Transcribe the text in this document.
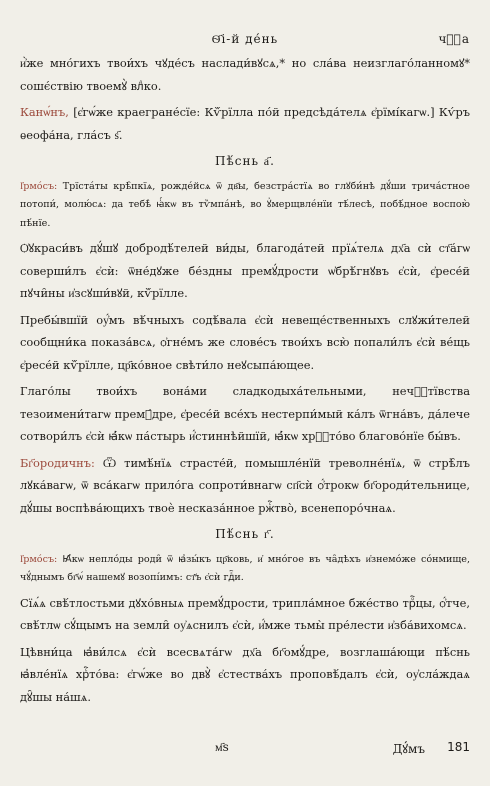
Ѳ҃і-й де́нь	чⷭ҇а

и҆̀же мно́гихъ твои́хъ чꙋде́съ наслади́вꙋсѧ,* но сла́ва неизглаго́ланномꙋ* сошє́ствію твоемꙋ̀ влⷣко.

Канѡ́нъ, [є҆гѡ́же краегране́сїе: Кѷ́рїлла по́й предсѣда́телѧ є҆рїмі́кагѡ.] Кѵ́ръ ѳеофа́на, гла́съ ѕ҃.

Пѣ́снь а҃.

І҆рмо́съ: Трїста́ты крѣ̑пкїѧ, рожде́йсѧ ѿ дв҃ы, безстра́стїѧ во глꙋби́нѣ дꙋ́ши трича́стное потопи́, молю́сѧ: да тебѣ̀ ꙗ҆́кѡ въ тѷмпа́нѣ, во ꙋ҆мерщвле́нїи тѣ́лесѣ, побѣ́дное воспою̀ пѣ́нїе.

Ѻ҆ꙋкраси́въ дꙋ́шꙋ добродѣ́телей ви́ды, благода́тей прїѧ́телѧ дх҃а сѝ ст҃а́гѡ соверши́лъ є҆сѝ: ѿне́дꙋже бе́здны премꙋ́дрости ѡ҆брѣ́гнꙋвъ є҆сѝ, є҆ресе́й пꙋчи̑ны и҆зсꙋши́вꙋй, кѷ́рїлле.

Пребы́вшїй оу҆́мъ вѣ́чныхъ содѣ́вала є҆сѝ невеще́ственныхъ слꙋжи́телей сообщни́ка показа́всѧ, ѻ҆гне́мъ же слове́съ твои́хъ всю̀ попали́лъ є҆сѝ ве́щь є҆ресе́й кѷ́рїлле, цр҃ко́вное свѣти́ло неꙋсыпа́ющее.

Глаго́лы твои́хъ вона́ми сладкодыха́тельными, нечⷭ҇тївства тезоимени́тагѡ премꙋ́дре, є҆ресе́й все́хъ нестерпи́мый ка́лъ ѿгна́въ, да́лече сотвори́лъ є҆сѝ ꙗ҆́кѡ па́стырь и҆́стиннѣйшїй, ꙗ҆́кѡ хрⷭ҇то́во благово́нїе бы́въ.

Бг҃ородичнъ: Ѿ тимѣ́нїѧ страсте́й, помышле́нїй треволне́нїѧ, ѿ стрѣ̑лъ лꙋка́вагѡ, ѿ вса́кагѡ прило́га сопроти́внагѡ сп҃сѝ ѻ҆́трокѡ бг҃ороди́тельнице, дꙋ́шы воспѣва́ющихъ твоѐ несказа́нное ржⷭ҇тво̀, всенепоро́чнаѧ.

Пѣ́снь г҃.

І҆рмо́съ: Ꙗ҆́кѡ непло́ды роди̑ ѿ ꙗ҆зы́къ цр҃ковь, и҆ мно́гое въ ча̑дѣхъ и҆знемо́же со́нмище, чꙋ́днымъ бг҃ѡ́ нашемꙋ возопі́имъ: ст҃ъ є҆сѝ гдⷭ҇и.

Сїѧ́ѧ свѣ́тлостьми дꙋхо́вныѧ премꙋ́дрости, трипла́мное бже́ство трⷪ҇цы, ѻ҆́тче, свѣ́тлѡ сꙋ́щымъ на земли̑ оу҆ѧснилъ є҆сѝ, и҆́мже тьмы̀ пре́лести и҆зба́вихомсѧ.

Цѣвни́ца ꙗ҆ви́лсѧ є҆сѝ всесвѧта́гѡ дх҃а бг҃омꙋ́дре, возглаша́ющи пѣ́снь ꙗ҆вле́нїѧ хрⷭ҇то́ва: є҆гѡ́же во двꙋ̀ є҆стества́хъ проповѣ́далъ є҆сѝ, оу҆сла́ждаѧ дꙋ̑шы на́шѧ.

м҃ѕ	Дꙋ́мъ 181
